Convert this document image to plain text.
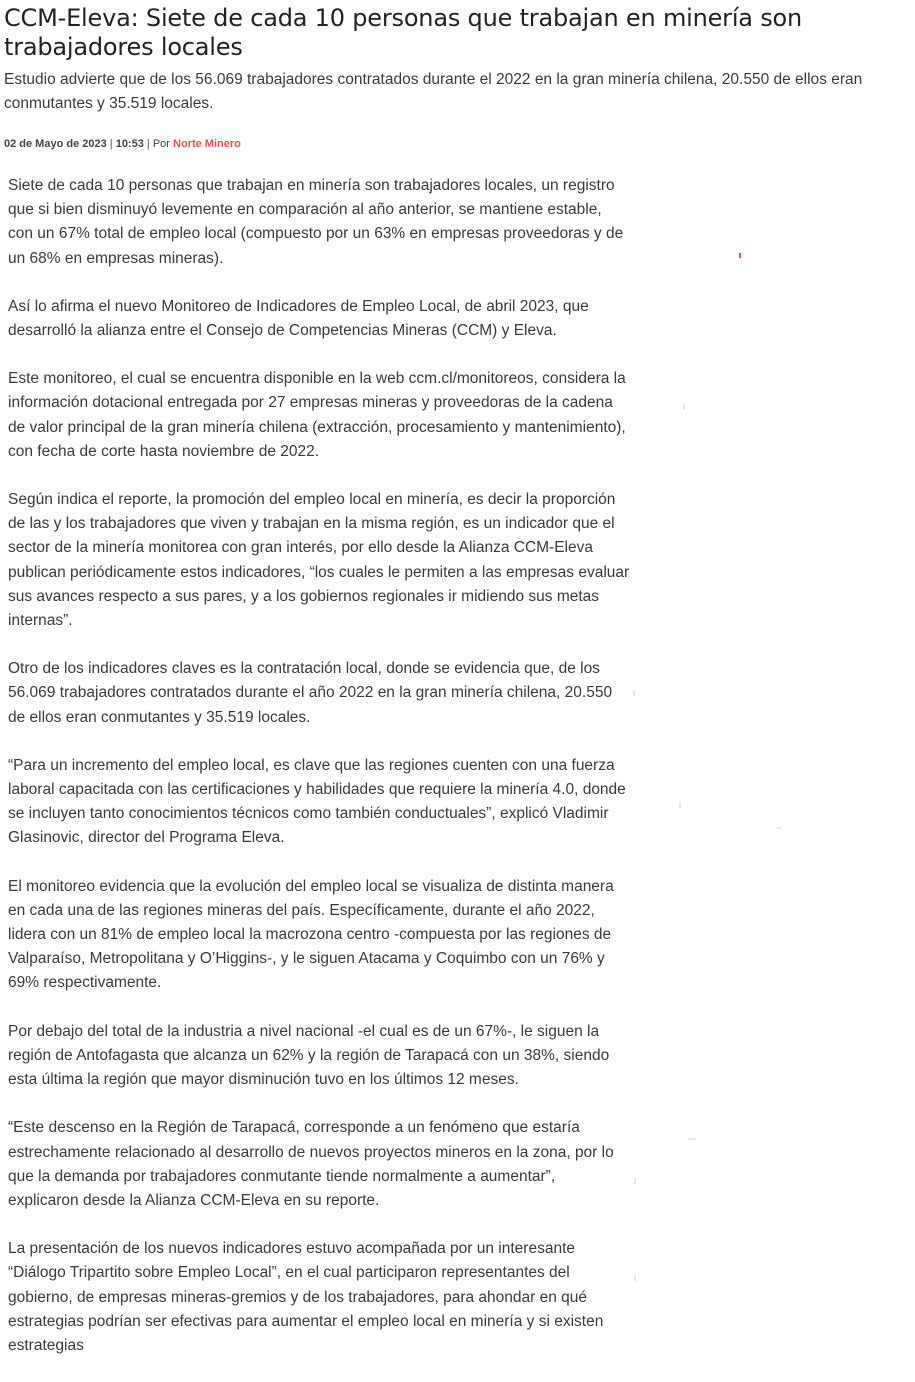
CCM-Eleva: Siete de cada 10 personas que trabajan en minería son trabajadores locales
Estudio advierte que de los 56.069 trabajadores contratados durante el 2022 en la gran minería chilena, 20.550 de ellos eran conmutantes y 35.519 locales.
02 de Mayo de 2023 | 10:53 | Por Norte Minero

Siete de cada 10 personas que trabajan en minería son trabajadores locales, un registro que si bien disminuyó levemente en comparación al año anterior, se mantiene estable, con un 67% total de empleo local (compuesto por un 63% en empresas proveedoras y de un 68% en empresas mineras).

Así lo afirma el nuevo Monitoreo de Indicadores de Empleo Local, de abril 2023, que desarrolló la alianza entre el Consejo de Competencias Mineras (CCM) y Eleva.

Este monitoreo, el cual se encuentra disponible en la web ccm.cl/monitoreos, considera la información dotacional entregada por 27 empresas mineras y proveedoras de la cadena de valor principal de la gran minería chilena (extracción, procesamiento y mantenimiento), con fecha de corte hasta noviembre de 2022.

Según indica el reporte, la promoción del empleo local en minería, es decir la proporción de las y los trabajadores que viven y trabajan en la misma región, es un indicador que el sector de la minería monitorea con gran interés, por ello desde la Alianza CCM-Eleva publican periódicamente estos indicadores, “los cuales le permiten a las empresas evaluar sus avances respecto a sus pares, y a los gobiernos regionales ir midiendo sus metas internas”.

Otro de los indicadores claves es la contratación local, donde se evidencia que, de los 56.069 trabajadores contratados durante el año 2022 en la gran minería chilena, 20.550 de ellos eran conmutantes y 35.519 locales.

“Para un incremento del empleo local, es clave que las regiones cuenten con una fuerza laboral capacitada con las certificaciones y habilidades que requiere la minería 4.0, donde se incluyen tanto conocimientos técnicos como también conductuales”, explicó Vladimir Glasinovic, director del Programa Eleva.

El monitoreo evidencia que la evolución del empleo local se visualiza de distinta manera en cada una de las regiones mineras del país. Específicamente, durante el año 2022, lidera con un 81% de empleo local la macrozona centro -compuesta por las regiones de Valparaíso, Metropolitana y O’Higgins-, y le siguen Atacama y Coquimbo con un 76% y 69% respectivamente.

Por debajo del total de la industria a nivel nacional -el cual es de un 67%-, le siguen la región de Antofagasta que alcanza un 62% y la región de Tarapacá con un 38%, siendo esta última la región que mayor disminución tuvo en los últimos 12 meses.

“Este descenso en la Región de Tarapacá, corresponde a un fenómeno que estaría estrechamente relacionado al desarrollo de nuevos proyectos mineros en la zona, por lo que la demanda por trabajadores conmutante tiende normalmente a aumentar”, explicaron desde la Alianza CCM-Eleva en su reporte.

La presentación de los nuevos indicadores estuvo acompañada por un interesante “Diálogo Tripartito sobre Empleo Local”, en el cual participaron representantes del gobierno, de empresas mineras-gremios y de los trabajadores, para ahondar en qué estrategias podrían ser efectivas para aumentar el empleo local en minería y si existen estrategias
